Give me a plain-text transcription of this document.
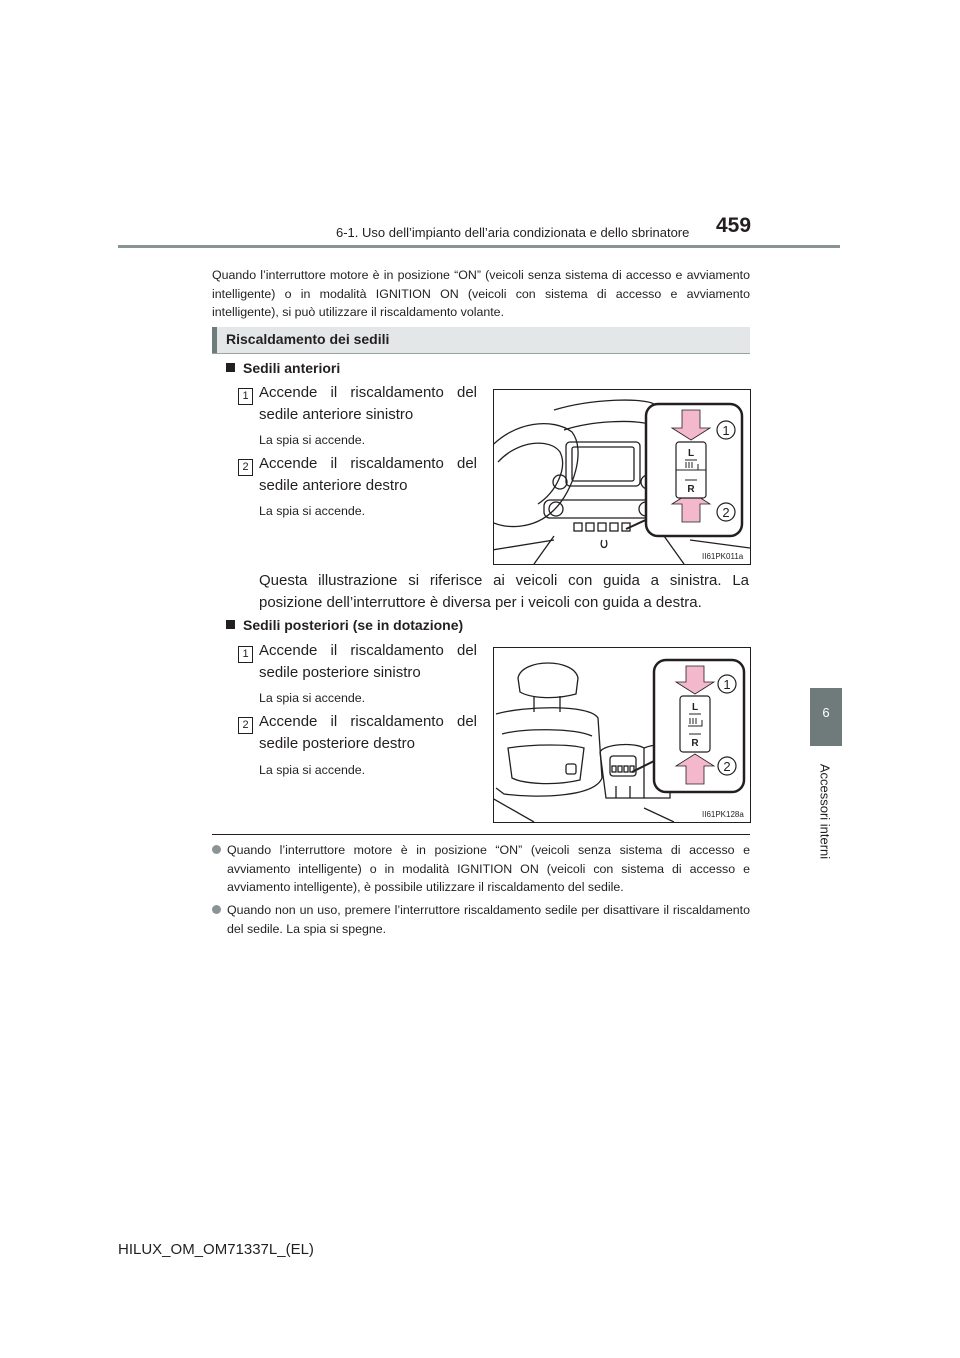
6-1. Uso dell’impianto dell’aria condizionata e dello sbrinatore 459
6
Accessori interni
Quando l’interruttore motore è in posizione “ON” (veicoli senza sistema di accesso e avviamento intelligente) o in modalità IGNITION ON (veicoli con sistema di accesso e avviamento intelligente), si può utilizzare il riscaldamento volante.
Riscaldamento dei sedili
Sedili anteriori
1 Accende il riscaldamento del sedile anteriore sinistro
La spia si accende.
2 Accende il riscaldamento del sedile anteriore destro
La spia si accende.
L
R
1
2
II61PK011a
Questa illustrazione si riferisce ai veicoli con guida a sinistra. La posizione dell’interruttore è diversa per i veicoli con guida a destra.
Sedili posteriori (se in dotazione)
1 Accende il riscaldamento del sedile posteriore sinistro
La spia si accende.
2 Accende il riscaldamento del sedile posteriore destro
La spia si accende.
L
R
1
2
II61PK128a
Quando l’interruttore motore è in posizione “ON” (veicoli senza sistema di accesso e avviamento intelligente) o in modalità IGNITION ON (veicoli con sistema di accesso e avviamento intelligente), è possibile utilizzare il riscaldamento del sedile.
Quando non un uso, premere l’interruttore riscaldamento sedile per disattivare il riscaldamento del sedile. La spia si spegne.
HILUX_OM_OM71337L_(EL)
